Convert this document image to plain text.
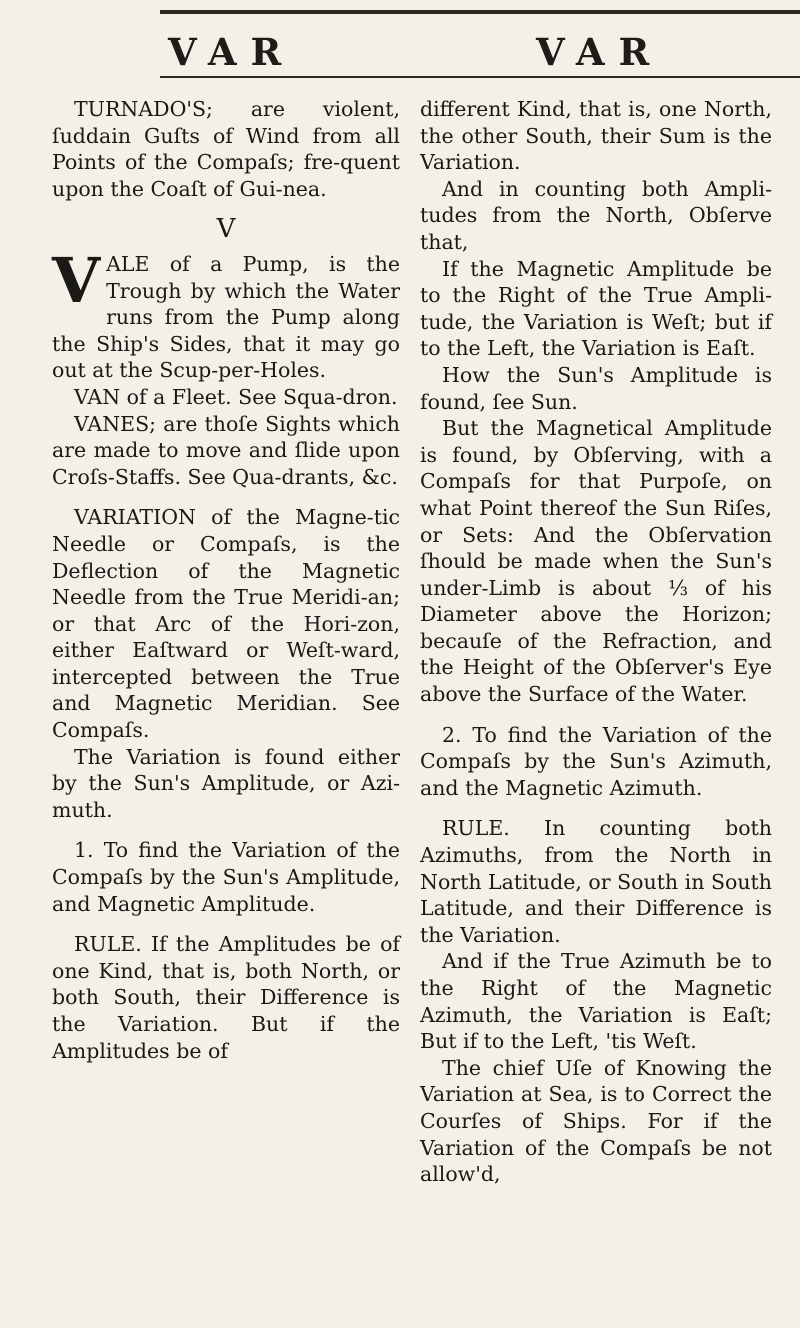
VAR	VAR

TURNADO'S; are violent, ſuddain Guſts of Wind from all Points of the Compaſs; fre-quent upon the Coaſt of Gui-nea.

V

VALE of a Pump, is the Trough by which the Water runs from the Pump along the Ship's Sides, that it may go out at the Scup-per-Holes.

VAN of a Fleet. See Squa-dron.

VANES; are thoſe Sights which are made to move and ſlide upon Croſs-Staffs. See Qua-drants, &c.

VARIATION of the Magne-tic Needle or Compaſs, is the Deflection of the Magnetic Needle from the True Meridi-an; or that Arc of the Hori-zon, either Eaſtward or Weſt-ward, intercepted between the True and Magnetic Meridian. See Compaſs.

The Variation is found either by the Sun's Amplitude, or Azi-muth.

1. To find the Variation of the Compaſs by the Sun's Amplitude, and Magnetic Amplitude.

RULE. If the Amplitudes be of one Kind, that is, both North, or both South, their Difference is the Variation. But if the Amplitudes be of

different Kind, that is, one North, the other South, their Sum is the Variation.

And in counting both Ampli-tudes from the North, Obſerve that,

If the Magnetic Amplitude be to the Right of the True Ampli-tude, the Variation is Weſt; but if to the Left, the Variation is Eaſt.

How the Sun's Amplitude is found, ſee Sun.

But the Magnetical Amplitude is found, by Obſerving, with a Compaſs for that Purpoſe, on what Point thereof the Sun Riſes, or Sets: And the Obſervation ſhould be made when the Sun's under-Limb is about ⅓ of his Diameter above the Horizon; becauſe of the Refraction, and the Height of the Obſerver's Eye above the Surface of the Water.

2. To find the Variation of the Compaſs by the Sun's Azimuth, and the Magnetic Azimuth.

RULE. In counting both Azimuths, from the North in North Latitude, or South in South Latitude, and their Difference is the Variation.

And if the True Azimuth be to the Right of the Magnetic Azimuth, the Variation is Eaſt; But if to the Left, 'tis Weſt.

The chief Uſe of Knowing the Variation at Sea, is to Correct the Courſes of Ships. For if the Variation of the Compaſs be not allow'd,
